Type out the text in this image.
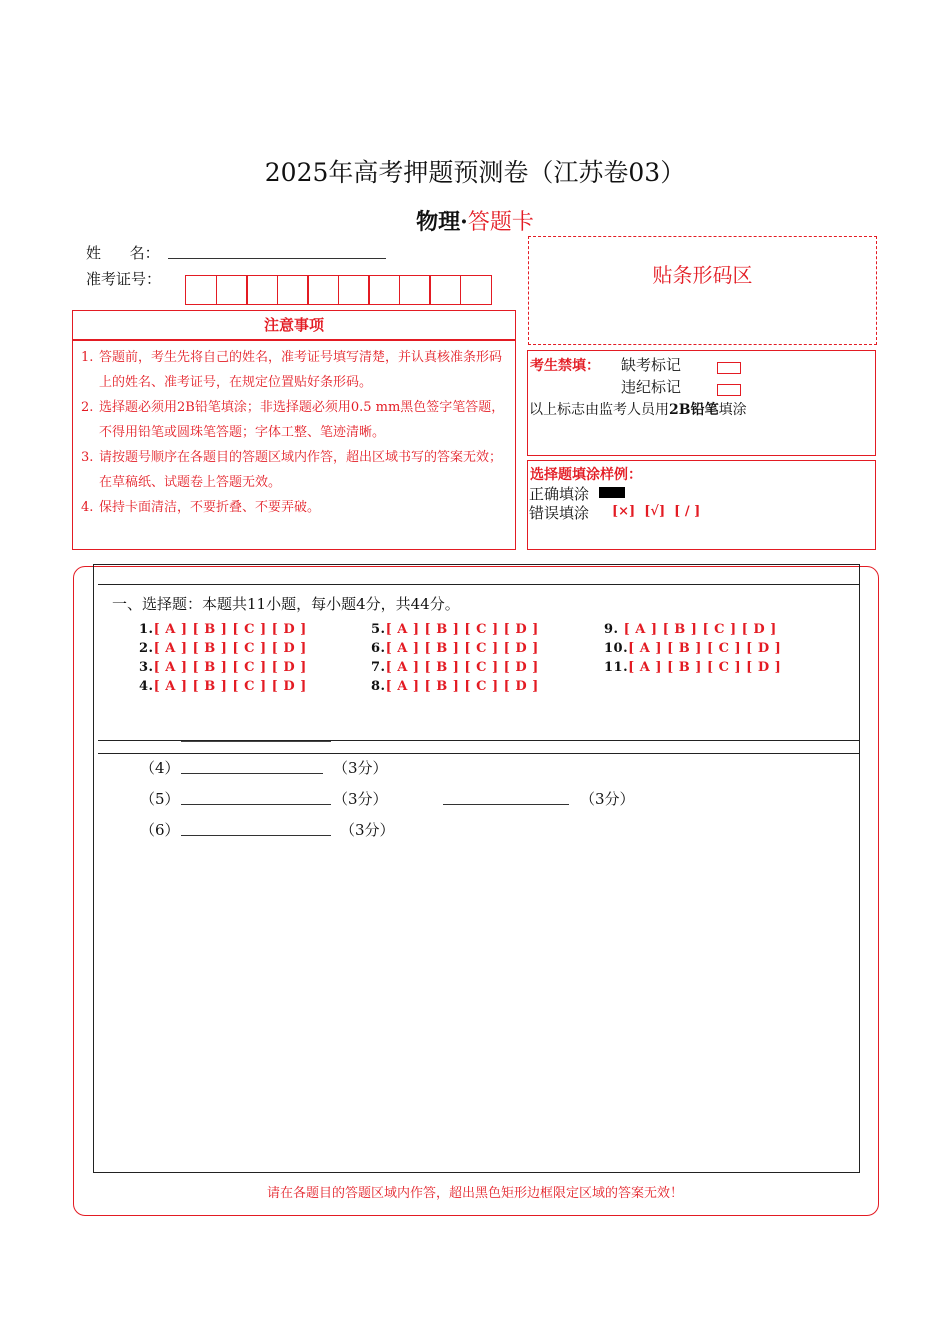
2025年高考押题预测卷（江苏卷03）
物理·答题卡
姓      名：
准考证号：	贴条形码区
注意事项
1. 答题前，考生先将自己的姓名，准考证号填写清楚，并认真核准条形码上的姓名、准考证号，在规定位置贴好条形码。
2. 选择题必须用2B铅笔填涂；非选择题必须用0.5 mm黑色签字笔答题，不得用铅笔或圆珠笔答题；字体工整、笔迹清晰。
3. 请按题号顺序在各题目的答题区域内作答，超出区域书写的答案无效；在草稿纸、试题卷上答题无效。
4. 保持卡面清洁，不要折叠、不要弄破。
考生禁填： 缺考标记
违纪标记
以上标志由监考人员用2B铅笔填涂
选择题填涂样例：
正确填涂
错误填涂 [×]  [√]  [ / ]
一、选择题：本题共11小题，每小题4分，共44分。
1.[ A ] [ B ] [ C ] [ D ]
2.[ A ] [ B ] [ C ] [ D ]
3.[ A ] [ B ] [ C ] [ D ]
4.[ A ] [ B ] [ C ] [ D ]
5.[ A ] [ B ] [ C ] [ D ]
6.[ A ] [ B ] [ C ] [ D ]
7.[ A ] [ B ] [ C ] [ D ]
8.[ A ] [ B ] [ C ] [ D ]
9. [ A ] [ B ] [ C ] [ D ]
10.[ A ] [ B ] [ C ] [ D ]
11.[ A ] [ B ] [ C ] [ D ]
（4）	（3分）
（5）	（3分）	（3分）
（6）	（3分）
请在各题目的答题区域内作答，超出黑色矩形边框限定区域的答案无效！
